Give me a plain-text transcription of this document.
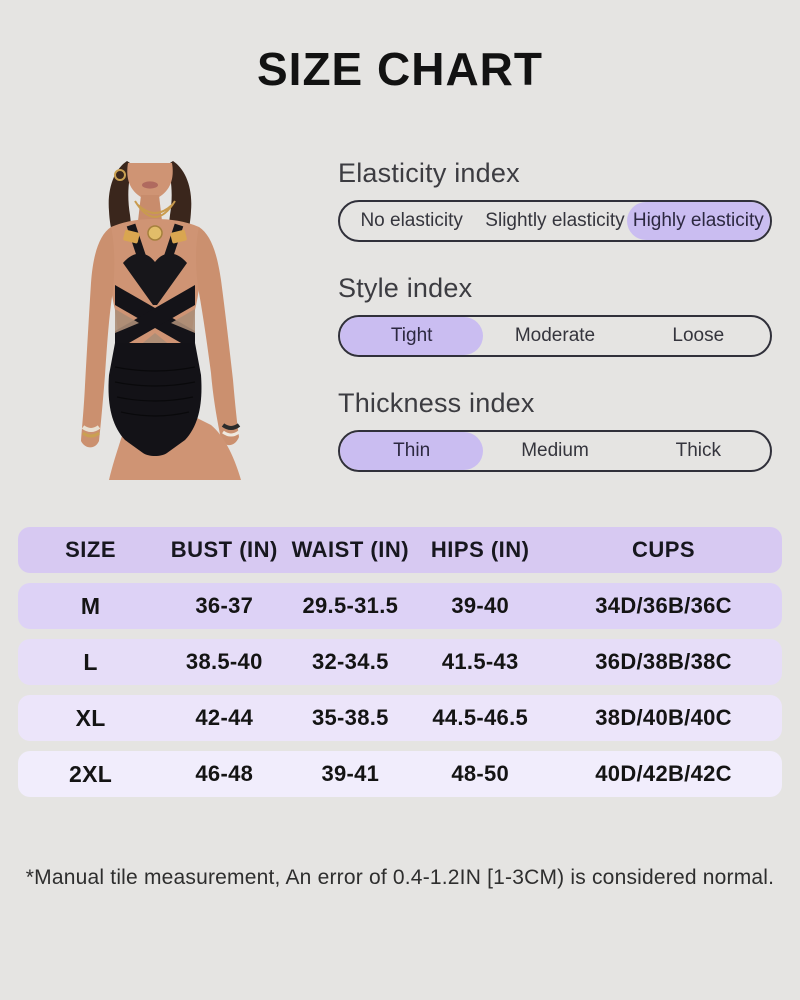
SIZE CHART
Elasticity index
No elasticity	Slightly elasticity Highly elasticity
Style index
Tight	Moderate	Loose
Thickness index
Thin	Medium	Thick
SIZE	BUST (IN) WAIST (IN) HIPS (IN)	CUPS
M	36-37	29.5-31.5	39-40	34D/36B/36C
L	38.5-40	32-34.5	41.5-43	36D/38B/38C
XL	42-44	35-38.5	44.5-46.5	38D/40B/40C
2XL	46-48	39-41	48-50	40D/42B/42C
*Manual tile measurement, An error of 0.4-1.2IN [1-3CM) is considered normal.
